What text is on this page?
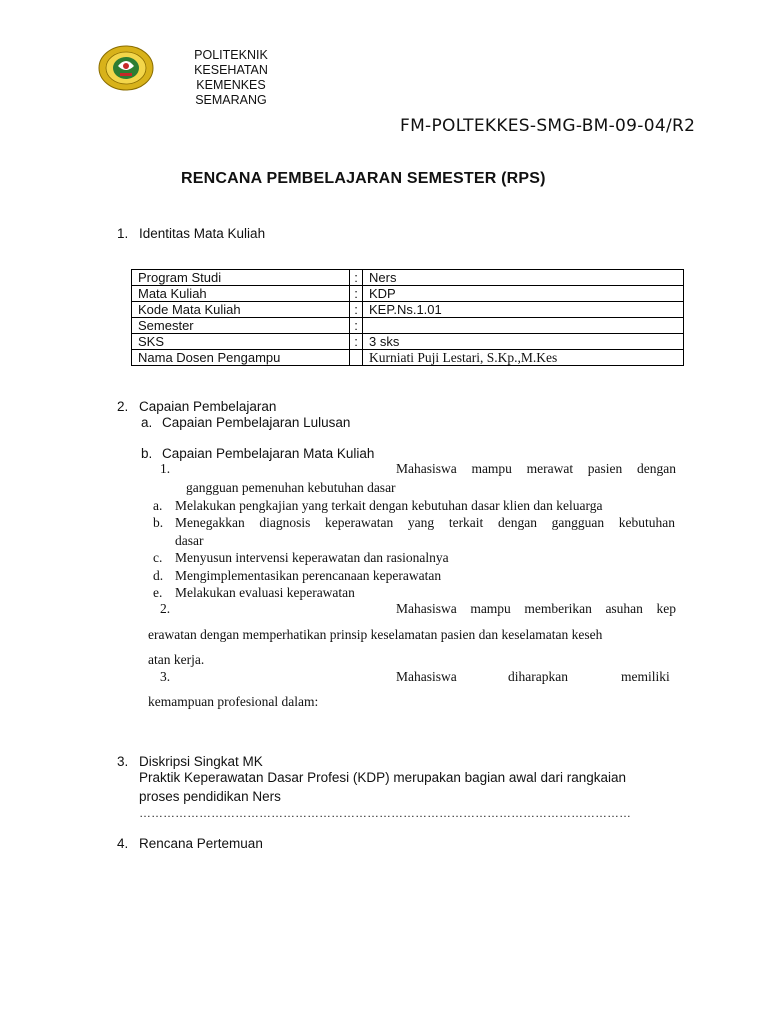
POLITEKNIK
KESEHATAN
KEMENKES
SEMARANG
FM-POLTEKKES-SMG-BM-09-04/R2
RENCANA PEMBELAJARAN SEMESTER (RPS)
1. Identitas Mata Kuliah
Program Studi	:	Ners
Mata Kuliah	:	KDP
Kode Mata Kuliah	:	KEP.Ns.1.01
Semester	:	
SKS	:	3 sks
Nama Dosen Pengampu		Kurniati Puji Lestari, S.Kp.,M.Kes
2. Capaian Pembelajaran
a. Capaian Pembelajaran Lulusan
b. Capaian Pembelajaran Mata Kuliah
1.	Mahasiswa mampu merawat pasien dengan
gangguan pemenuhan kebutuhan dasar
a. Melakukan pengkajian yang terkait dengan kebutuhan dasar klien dan keluarga
b. Menegakkan diagnosis keperawatan yang terkait dengan gangguan kebutuhan
dasar
c. Menyusun intervensi keperawatan dan rasionalnya
d. Mengimplementasikan perencanaan keperawatan
e. Melakukan evaluasi keperawatan
2.	Mahasiswa mampu memberikan asuhan kep
erawatan dengan memperhatikan prinsip keselamatan pasien dan keselamatan keseh
atan kerja.
3.	Mahasiswa	diharapkan	memiliki
kemampuan profesional dalam:
3. Diskripsi Singkat MK
Praktik Keperawatan Dasar Profesi (KDP) merupakan bagian awal dari rangkaian
proses pendidikan Ners
……………………………………………………………………………………………………………
4. Rencana Pertemuan
